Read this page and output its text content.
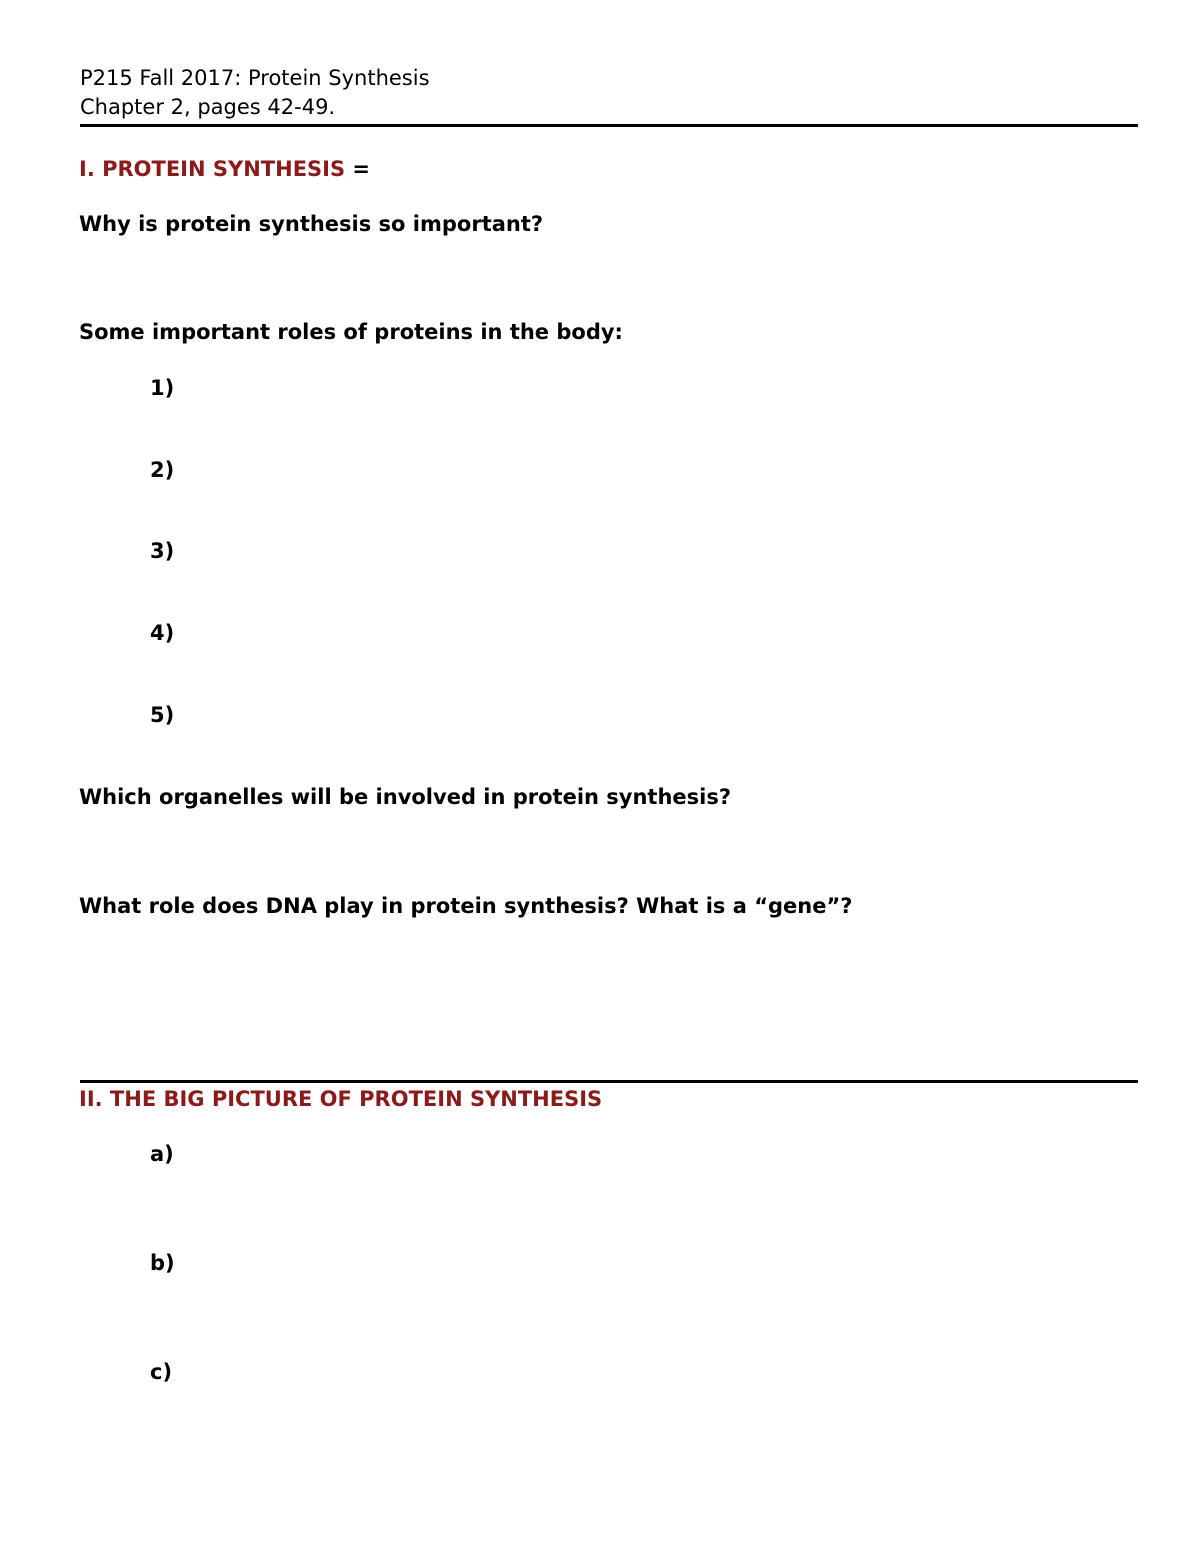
P215 Fall 2017: Protein Synthesis

Chapter 2, pages 42-49.

I. PROTEIN SYNTHESIS =

Why is protein synthesis so important?

Some important roles of proteins in the body:

1)

2)

3)

4)

5)

Which organelles will be involved in protein synthesis?

What role does DNA play in protein synthesis? What is a “gene”?

II. THE BIG PICTURE OF PROTEIN SYNTHESIS

a)

b)

c)
